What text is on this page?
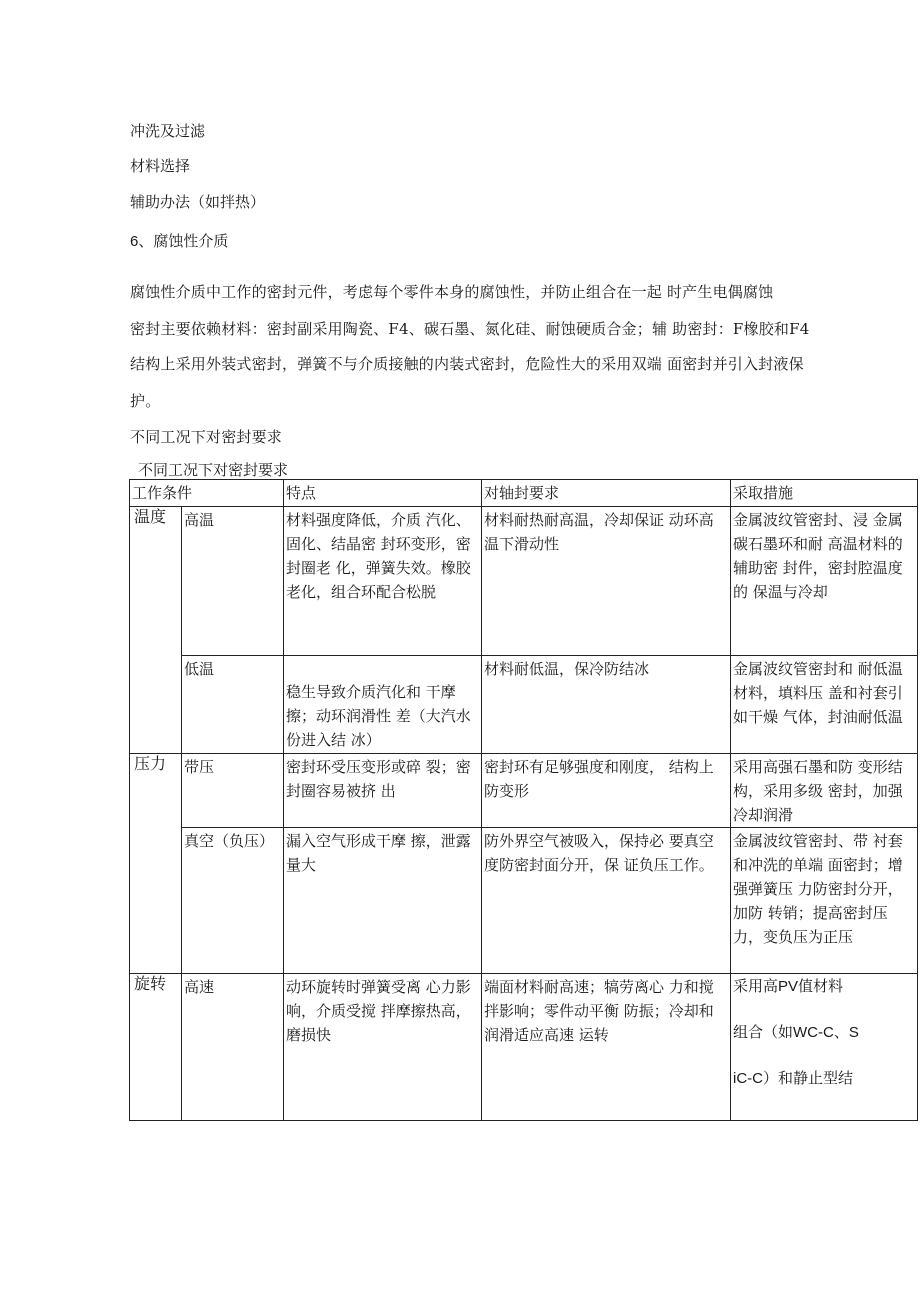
冲洗及过滤
材料选择
辅助办法（如拌热）
6、腐蚀性介质
腐蚀性介质中工作的密封元件，考虑每个零件本身的腐蚀性，并防止组合在一起 时产生电偶腐蚀
密封主要依赖材料：密封副采用陶瓷、F4、碳石墨、氮化硅、耐蚀硬质合金；辅 助密封：F橡胶和F4
结构上采用外装式密封，弹簧不与介质接触的内装式密封，危险性大的采用双端 面密封并引入封液保
护。
不同工况下对密封要求
不同工况下对密封要求
工作条件		特点	对轴封要求	采取措施
温度	高温	材料强度降低，介质 汽化、固化、结晶密 封环变形，密封圈老 化，弹簧失效。橡胶 老化，组合环配合松脱	材料耐热耐高温，冷却保证 动环高温下滑动性	金属波纹管密封、浸 金属碳石墨环和耐 高温材料的辅助密 封件，密封腔温度的 保温与冷却
	低温	稳生导致介质汽化和 干摩擦；动环润滑性 差（大汽水份进入结 冰）	材料耐低温，保冷防结冰	金属波纹管密封和 耐低温材料，填料压 盖和衬套引如干燥 气体，封油耐低温
压力	带压	密封环受压变形或碎 裂；密封圈容易被挤 出	密封环有足够强度和刚度， 结构上防变形	采用高强石墨和防 变形结构，采用多级 密封，加强冷却润滑
	真空（负压）	漏入空气形成干摩 擦，泄露量大	防外界空气被吸入，保持必 要真空度防密封面分开，保 证负压工作。	金属波纹管密封、带 衬套和冲洗的单端 面密封；增强弹簧压 力防密封分开，加防 转销；提高密封压 力，变负压为正压
旋转	高速	动环旋转时弹簧受离 心力影响，介质受搅 拌摩擦热高，磨损快	端面材料耐高速；犒劳离心 力和搅拌影响；零件动平衡 防振；冷却和润滑适应高速 运转	采用高PV值材料

组合（如WC-C、S

iC-C）和静止型结
